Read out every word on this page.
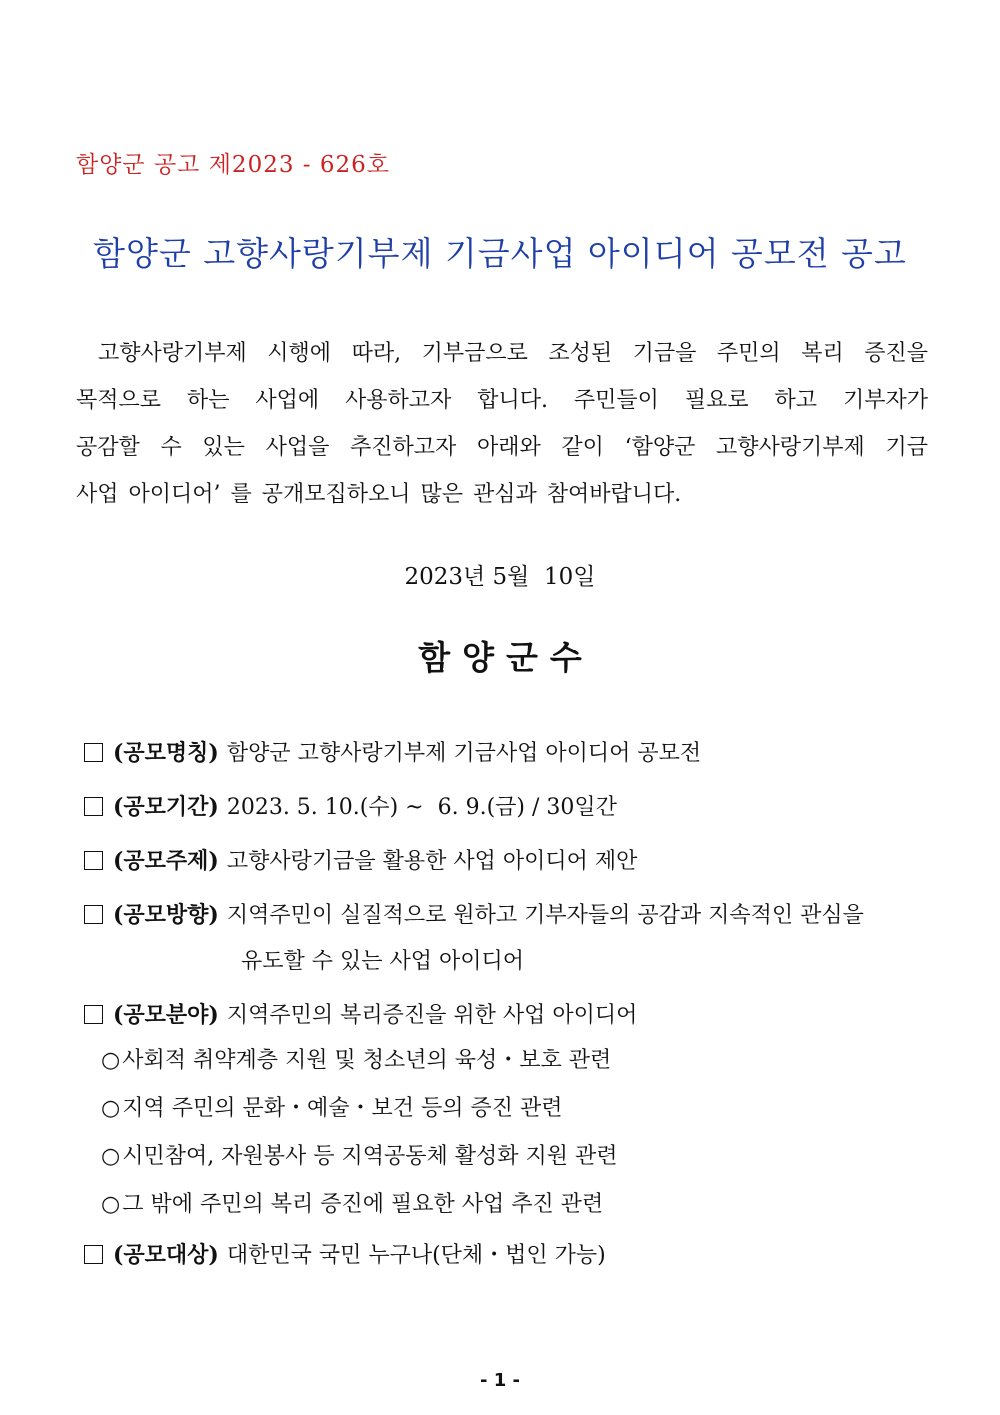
함양군 공고 제2023 - 626호
함양군 고향사랑기부제 기금사업 아이디어 공모전 공고
고향사랑기부제 시행에 따라, 기부금으로 조성된 기금을 주민의 복리 증진을
목적으로 하는 사업에 사용하고자 합니다. 주민들이 필요로 하고 기부자가
공감할 수 있는 사업을 추진하고자 아래와 같이 ‘함양군 고향사랑기부제 기금
사업 아이디어’ 를 공개모집하오니 많은 관심과 참여바랍니다.
2023년 5월  10일
함양군수
(공모명칭) 함양군 고향사랑기부제 기금사업 아이디어 공모전
(공모기간) 2023. 5. 10.(수) ~  6. 9.(금) / 30일간
(공모주제) 고향사랑기금을 활용한 사업 아이디어 제안
(공모방향) 지역주민이 실질적으로 원하고 기부자들의 공감과 지속적인 관심을
유도할 수 있는 사업 아이디어
(공모분야) 지역주민의 복리증진을 위한 사업 아이디어
○사회적 취약계층 지원 및 청소년의 육성・보호 관련
○지역 주민의 문화・예술・보건 등의 증진 관련
○시민참여, 자원봉사 등 지역공동체 활성화 지원 관련
○그 밖에 주민의 복리 증진에 필요한 사업 추진 관련
(공모대상) 대한민국 국민 누구나(단체・법인 가능)
- 1 -
